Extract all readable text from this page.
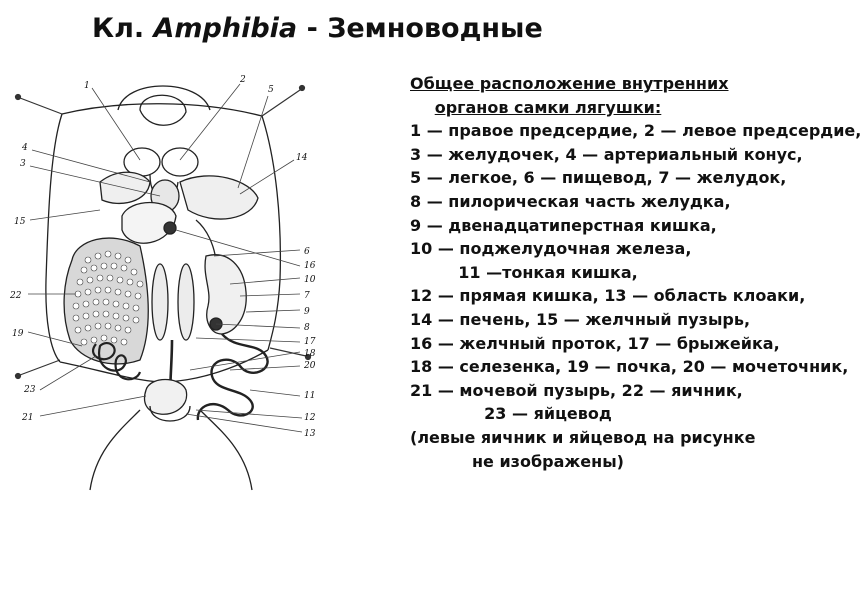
Кл. Amphibia - Земноводные
1
2
5
4
3
14
15
6
16
10
7
9
8
22
19
17
18
20
11
23
21	12
13
Общее расположение внутренних
органов самки лягушки:
1 — правое предсердие, 2 — левое предсердие,
3 — желудочек, 4 — артериальный конус,
5 — легкое, 6 — пищевод, 7 — желудок,
8 — пилорическая часть желудка,
9 — двенадцатиперстная кишка,
10 — поджелудочная железа,
11 —тонкая кишка,
12 — прямая кишка, 13 — область клоаки,
14 — печень, 15 — желчный пузырь,
16 — желчный проток, 17 — брыжейка,
18 — селезенка, 19 — почка, 20 — мочеточник,
21 — мочевой пузырь, 22 — яичник,
23 — яйцевод
(левые яичник и яйцевод на рисунке
не изображены)
